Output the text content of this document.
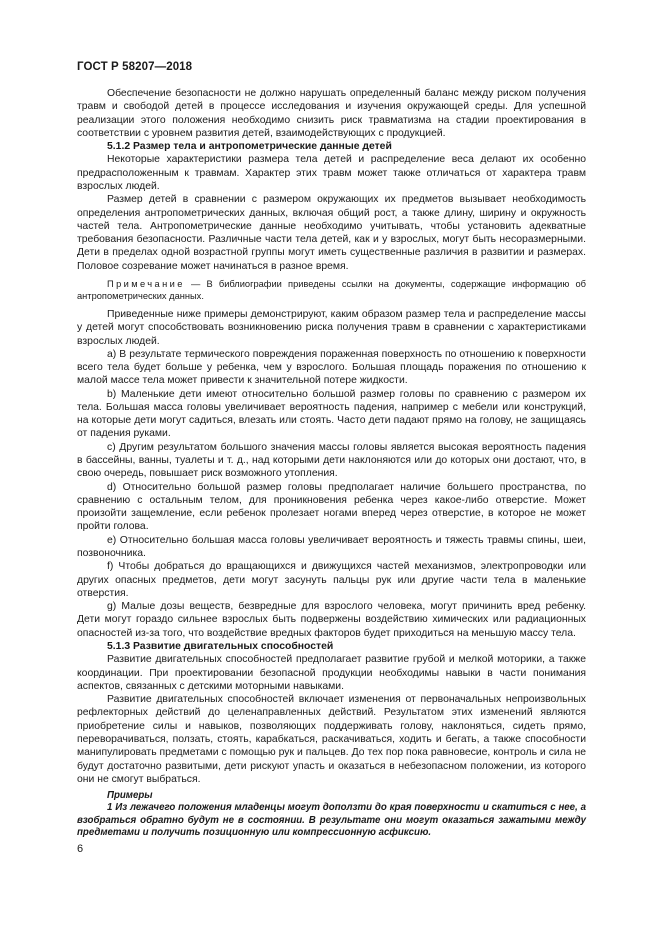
ГОСТ Р 58207—2018

Обеспечение безопасности не должно нарушать определенный баланс между риском получения травм и свободой детей в процессе исследования и изучения окружающей среды. Для успешной реализации этого положения необходимо снизить риск травматизма на стадии проектирования в соответствии с уровнем развития детей, взаимодействующих с продукцией.

5.1.2 Размер тела и антропометрические данные детей

Некоторые характеристики размера тела детей и распределение веса делают их особенно предрасположенным к травмам. Характер этих травм может также отличаться от характера травм взрослых людей.

Размер детей в сравнении с размером окружающих их предметов вызывает необходимость определения антропометрических данных, включая общий рост, а также длину, ширину и окружность частей тела. Антропометрические данные необходимо учитывать, чтобы установить адекватные требования безопасности. Различные части тела детей, как и у взрослых, могут быть несоразмерными. Дети в пределах одной возрастной группы могут иметь существенные различия в развитии и размерах. Половое созревание может начинаться в разное время.

Примечание — В библиографии приведены ссылки на документы, содержащие информацию об антропометрических данных.

Приведенные ниже примеры демонстрируют, каким образом размер тела и распределение массы у детей могут способствовать возникновению риска получения травм в сравнении с характеристиками взрослых людей.

a) В результате термического повреждения пораженная поверхность по отношению к поверхности всего тела будет больше у ребенка, чем у взрослого. Большая площадь поражения по отношению к малой массе тела может привести к значительной потере жидкости.

b) Маленькие дети имеют относительно большой размер головы по сравнению с размером их тела. Большая масса головы увеличивает вероятность падения, например с мебели или конструкций, на которые дети могут садиться, влезать или стоять. Часто дети падают прямо на голову, не защищаясь от падения руками.

c) Другим результатом большого значения массы головы является высокая вероятность падения в бассейны, ванны, туалеты и т. д., над которыми дети наклоняются или до которых они достают, что, в свою очередь, повышает риск возможного утопления.

d) Относительно большой размер головы предполагает наличие большего пространства, по сравнению с остальным телом, для проникновения ребенка через какое-либо отверстие. Может произойти защемление, если ребенок пролезает ногами вперед через отверстие, в которое не может пройти голова.

e) Относительно большая масса головы увеличивает вероятность и тяжесть травмы спины, шеи, позвоночника.

f) Чтобы добраться до вращающихся и движущихся частей механизмов, электропроводки или других опасных предметов, дети могут засунуть пальцы рук или другие части тела в маленькие отверстия.

g) Малые дозы веществ, безвредные для взрослого человека, могут причинить вред ребенку. Дети могут гораздо сильнее взрослых быть подвержены воздействию химических или радиационных опасностей из-за того, что воздействие вредных факторов будет приходиться на меньшую массу тела.

5.1.3 Развитие двигательных способностей

Развитие двигательных способностей предполагает развитие грубой и мелкой моторики, а также координации. При проектировании безопасной продукции необходимы навыки в части понимания аспектов, связанных с детскими моторными навыками.

Развитие двигательных способностей включает изменения от первоначальных непроизвольных рефлекторных действий до целенаправленных действий. Результатом этих изменений являются приобретение силы и навыков, позволяющих поддерживать голову, наклоняться, сидеть прямо, переворачиваться, ползать, стоять, карабкаться, раскачиваться, ходить и бегать, а также способности манипулировать предметами с помощью рук и пальцев. До тех пор пока равновесие, контроль и сила не будут достаточно развитыми, дети рискуют упасть и оказаться в небезопасном положении, из которого они не смогут выбраться.

Примеры

1 Из лежачего положения младенцы могут доползти до края поверхности и скатиться с нее, а взобраться обратно будут не в состоянии. В результате они могут оказаться зажатыми между предметами и получить позиционную или компрессионную асфиксию.

6
